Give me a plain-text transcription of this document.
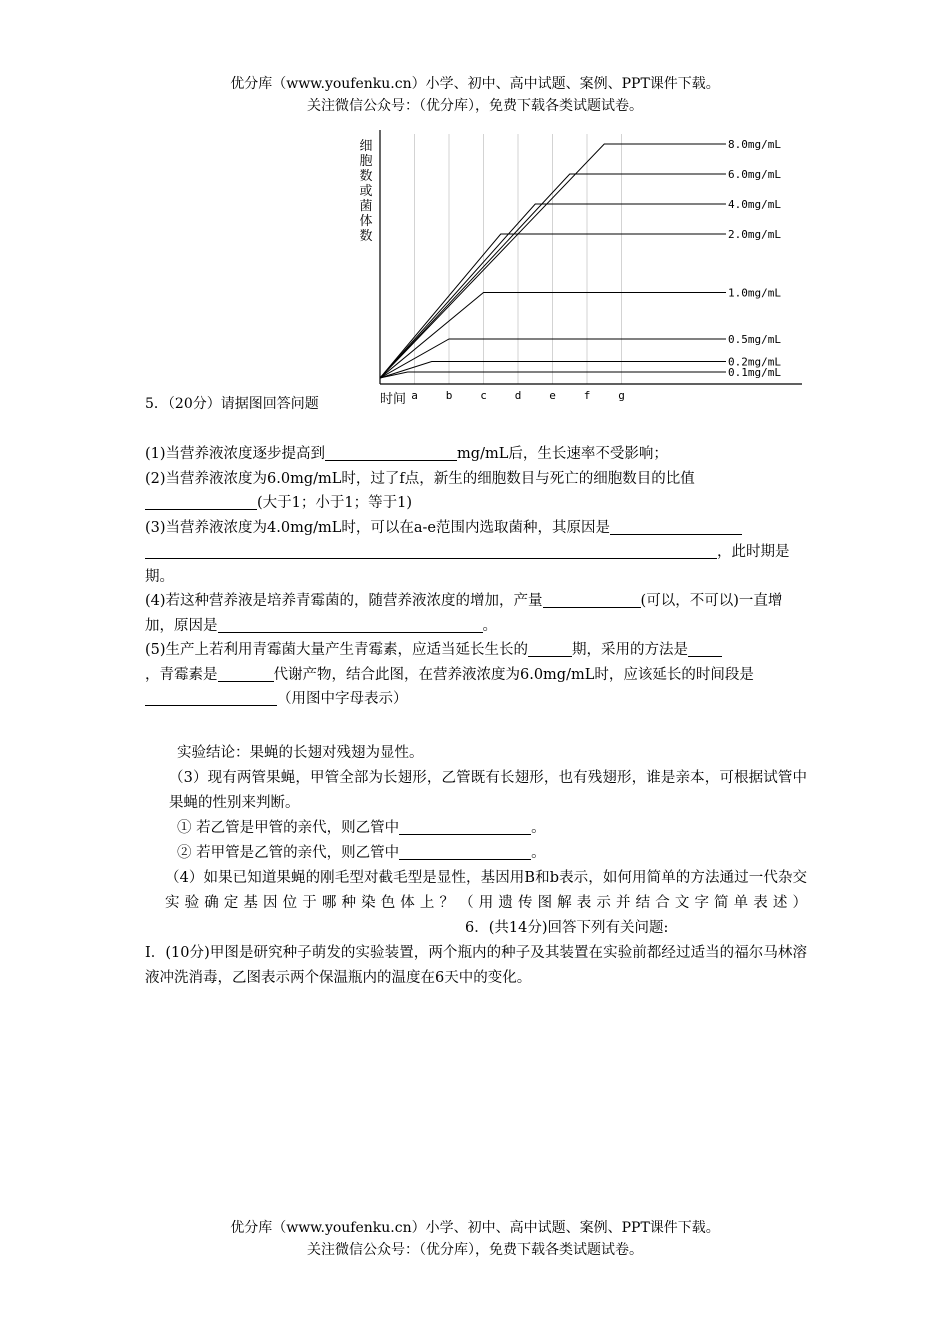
优分库（www.youfenku.cn）小学、初中、高中试题、案例、PPT课件下载。
关注微信公众号：（优分库），免费下载各类试题试卷。
细
胞
数
或
菌
体
数
时间 a	b	c	d	e	f	g
8.0mg/mL
6.0mg/mL
4.0mg/mL
2.0mg/mL
1.0mg/mL
0.5mg/mL
0.2mg/mL
0.1mg/mL
5．（20分）请据图回答问题

(1)当营养液浓度逐步提高到	mg/mL后，生长速率不受影响；

(2)当营养液浓度为6.0mg/mL时，过了f点，新生的细胞数目与死亡的细胞数目的比值
(大于1；小于1；等于1)

(3)当营养液浓度为4.0mg/mL时，可以在a-e范围内选取菌种，其原因是
，此时期是
期。

(4)若这种营养液是培养青霉菌的，随营养液浓度的增加，产量	(可以，不可以)一直增加，原因是	。

(5)生产上若利用青霉菌大量产生青霉素，应适当延长生长的	期，采用的方法是
，青霉素是	代谢产物，结合此图，在营养液浓度为6.0mg/mL时，应该延长的时间段是（用图中字母表示）

实验结论：果蝇的长翅对残翅为显性。

（3）现有两管果蝇，甲管全部为长翅形，乙管既有长翅形，也有残翅形，谁是亲本，可根据试管中果蝇的性别来判断。

① 若乙管是甲管的亲代，则乙管中	。

② 若甲管是乙管的亲代，则乙管中	。

（4）如果已知道果蝇的刚毛型对截毛型是显性，基因用B和b表示，如何用简单的方法通过一代杂交实验确定基因位于哪种染色体上？（用遗传图解表示并结合文字简单表述）6．(共14分)回答下列有关问题:

Ⅰ．(10分)甲图是研究种子萌发的实验装置，两个瓶内的种子及其装置在实验前都经过适当的福尔马林溶液冲洗消毒，乙图表示两个保温瓶内的温度在6天中的变化。

优分库（www.youfenku.cn）小学、初中、高中试题、案例、PPT课件下载。
关注微信公众号：（优分库），免费下载各类试题试卷。
